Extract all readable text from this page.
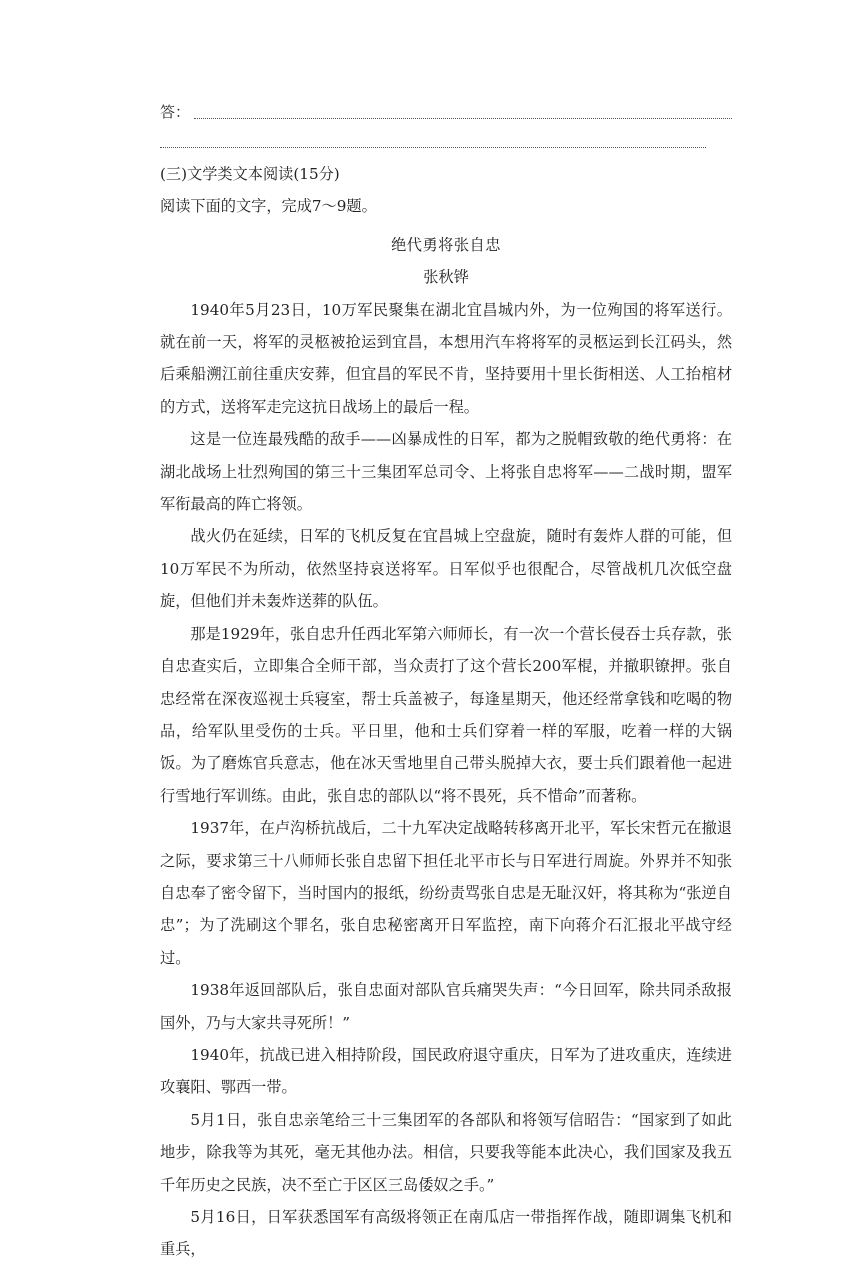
答：

(三)文学类文本阅读(15分)

阅读下面的文字，完成7～9题。

绝代勇将张自忠

张秋铧

1940年5月23日，10万军民聚集在湖北宜昌城内外，为一位殉国的将军送行。就在前一天，将军的灵柩被抢运到宜昌，本想用汽车将将军的灵柩运到长江码头，然后乘船溯江前往重庆安葬，但宜昌的军民不肯，坚持要用十里长街相送、人工抬棺材的方式，送将军走完这抗日战场上的最后一程。

这是一位连最残酷的敌手——凶暴成性的日军，都为之脱帽致敬的绝代勇将：在湖北战场上壮烈殉国的第三十三集团军总司令、上将张自忠将军——二战时期，盟军军衔最高的阵亡将领。

战火仍在延续，日军的飞机反复在宜昌城上空盘旋，随时有轰炸人群的可能，但10万军民不为所动，依然坚持哀送将军。日军似乎也很配合，尽管战机几次低空盘旋，但他们并未轰炸送葬的队伍。

那是1929年，张自忠升任西北军第六师师长，有一次一个营长侵吞士兵存款，张自忠查实后，立即集合全师干部，当众责打了这个营长200军棍，并撤职镣押。张自忠经常在深夜巡视士兵寝室，帮士兵盖被子，每逢星期天，他还经常拿钱和吃喝的物品，给军队里受伤的士兵。平日里，他和士兵们穿着一样的军服，吃着一样的大锅饭。为了磨炼官兵意志，他在冰天雪地里自己带头脱掉大衣，要士兵们跟着他一起进行雪地行军训练。由此，张自忠的部队以“将不畏死，兵不惜命”而著称。

1937年，在卢沟桥抗战后，二十九军决定战略转移离开北平，军长宋哲元在撤退之际，要求第三十八师师长张自忠留下担任北平市长与日军进行周旋。外界并不知张自忠奉了密令留下，当时国内的报纸，纷纷责骂张自忠是无耻汉奸，将其称为“张逆自忠”；为了洗刷这个罪名，张自忠秘密离开日军监控，南下向蒋介石汇报北平战守经过。

1938年返回部队后，张自忠面对部队官兵痛哭失声：“今日回军，除共同杀敌报国外，乃与大家共寻死所！”

1940年，抗战已进入相持阶段，国民政府退守重庆，日军为了进攻重庆，连续进攻襄阳、鄂西一带。

5月1日，张自忠亲笔给三十三集团军的各部队和将领写信昭告：“国家到了如此地步，除我等为其死，毫无其他办法。相信，只要我等能本此决心，我们国家及我五千年历史之民族，决不至亡于区区三岛倭奴之手。”

5月16日，日军获悉国军有高级将领正在南瓜店一带指挥作战，随即调集飞机和重兵，
